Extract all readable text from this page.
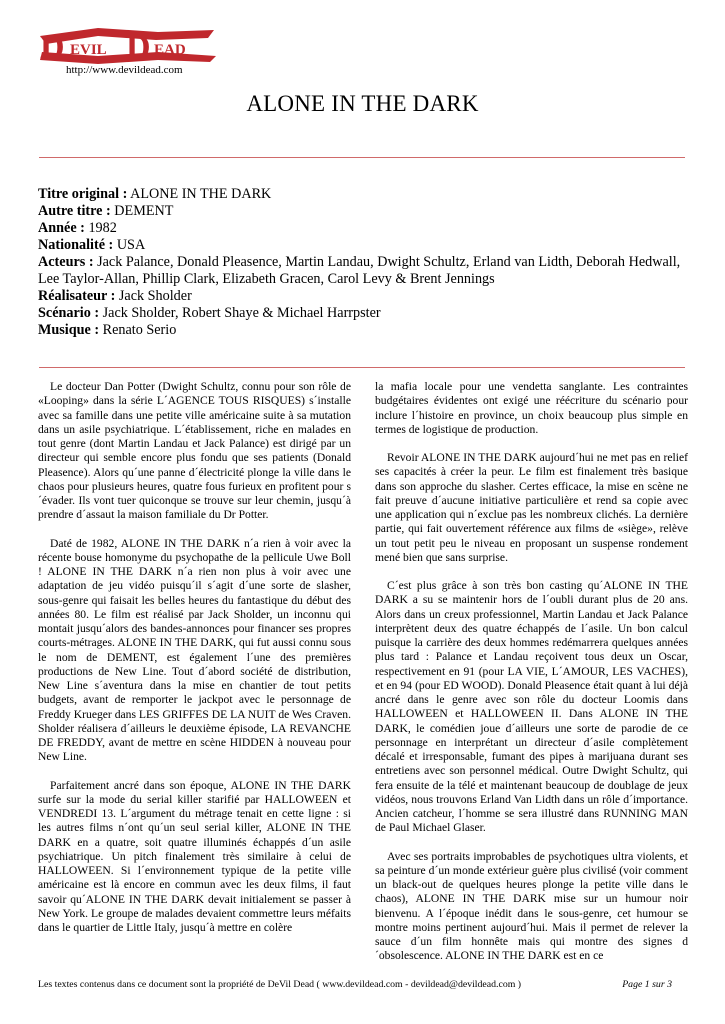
D EVIL D EAD
http://www.devildead.com
ALONE IN THE DARK

Titre original : ALONE IN THE DARK

Autre titre : DEMENT

Année : 1982

Nationalité : USA

Acteurs : Jack Palance, Donald Pleasence, Martin Landau, Dwight Schultz, Erland van Lidth, Deborah Hedwall, Lee Taylor-Allan, Phillip Clark, Elizabeth Gracen, Carol Levy & Brent Jennings

Réalisateur : Jack Sholder

Scénario : Jack Sholder, Robert Shaye & Michael Harrpster

Musique : Renato Serio

Le docteur Dan Potter (Dwight Schultz, connu pour son rôle de «Looping» dans la série L´AGENCE TOUS RISQUES) s´installe avec sa famille dans une petite ville américaine suite à sa mutation dans un asile psychiatrique. L´établissement, riche en malades en tout genre (dont Martin Landau et Jack Palance) est dirigé par un directeur qui semble encore plus fondu que ses patients (Donald Pleasence). Alors qu´une panne d´électricité plonge la ville dans le chaos pour plusieurs heures, quatre fous furieux en profitent pour s´évader. Ils vont tuer quiconque se trouve sur leur chemin, jusqu´à prendre d´assaut la maison familiale du Dr Potter.

Daté de 1982, ALONE IN THE DARK n´a rien à voir avec la récente bouse homonyme du psychopathe de la pellicule Uwe Boll ! ALONE IN THE DARK n´a rien non plus à voir avec une adaptation de jeu vidéo puisqu´il s´agit d´une sorte de slasher, sous-genre qui faisait les belles heures du fantastique du début des années 80. Le film est réalisé par Jack Sholder, un inconnu qui montait jusqu´alors des bandes-annonces pour financer ses propres courts-métrages. ALONE IN THE DARK, qui fut aussi connu sous le nom de DEMENT, est également l´une des premières productions de New Line. Tout d´abord société de distribution, New Line s´aventura dans la mise en chantier de tout petits budgets, avant de remporter le jackpot avec le personnage de Freddy Krueger dans LES GRIFFES DE LA NUIT de Wes Craven. Sholder réalisera d´ailleurs le deuxième épisode, LA REVANCHE DE FREDDY, avant de mettre en scène HIDDEN à nouveau pour New Line.

Parfaitement ancré dans son époque, ALONE IN THE DARK surfe sur la mode du serial killer starifié par HALLOWEEN et VENDREDI 13. L´argument du métrage tenait en cette ligne : si les autres films n´ont qu´un seul serial killer, ALONE IN THE DARK en a quatre, soit quatre illuminés échappés d´un asile psychiatrique. Un pitch finalement très similaire à celui de HALLOWEEN. Si l´environnement typique de la petite ville américaine est là encore en commun avec les deux films, il faut savoir qu´ALONE IN THE DARK devait initialement se passer à New York. Le groupe de malades devaient commettre leurs méfaits dans le quartier de Little Italy, jusqu´à mettre en colère

la mafia locale pour une vendetta sanglante. Les contraintes budgétaires évidentes ont exigé une réécriture du scénario pour inclure l´histoire en province, un choix beaucoup plus simple en termes de logistique de production.

Revoir ALONE IN THE DARK aujourd´hui ne met pas en relief ses capacités à créer la peur. Le film est finalement très basique dans son approche du slasher. Certes efficace, la mise en scène ne fait preuve d´aucune initiative particulière et rend sa copie avec une application qui n´exclue pas les nombreux clichés. La dernière partie, qui fait ouvertement référence aux films de «siège», relève un tout petit peu le niveau en proposant un suspense rondement mené bien que sans surprise.

C´est plus grâce à son très bon casting qu´ALONE IN THE DARK a su se maintenir hors de l´oubli durant plus de 20 ans. Alors dans un creux professionnel, Martin Landau et Jack Palance interprètent deux des quatre échappés de l´asile. Un bon calcul puisque la carrière des deux hommes redémarrera quelques années plus tard : Palance et Landau reçoivent tous deux un Oscar, respectivement en 91 (pour LA VIE, L´AMOUR, LES VACHES), et en 94 (pour ED WOOD). Donald Pleasence était quant à lui déjà ancré dans le genre avec son rôle du docteur Loomis dans HALLOWEEN et HALLOWEEN II. Dans ALONE IN THE DARK, le comédien joue d´ailleurs une sorte de parodie de ce personnage en interprétant un directeur d´asile complètement décalé et irresponsable, fumant des pipes à marijuana durant ses entretiens avec son personnel médical. Outre Dwight Schultz, qui fera ensuite de la télé et maintenant beaucoup de doublage de jeux vidéos, nous trouvons Erland Van Lidth dans un rôle d´importance. Ancien catcheur, l´homme se sera illustré dans RUNNING MAN de Paul Michael Glaser.

Avec ses portraits improbables de psychotiques ultra violents, et sa peinture d´un monde extérieur guère plus civilisé (voir comment un black-out de quelques heures plonge la petite ville dans le chaos), ALONE IN THE DARK mise sur un humour noir bienvenu. A l´époque inédit dans le sous-genre, cet humour se montre moins pertinent aujourd´hui. Mais il permet de relever la sauce d´un film honnête mais qui montre des signes d´obsolescence. ALONE IN THE DARK est en ce

Les textes contenus dans ce document sont la propriété de DeVil Dead ( www.devildead.com - devildead@devildead.com )	Page 1 sur 3
